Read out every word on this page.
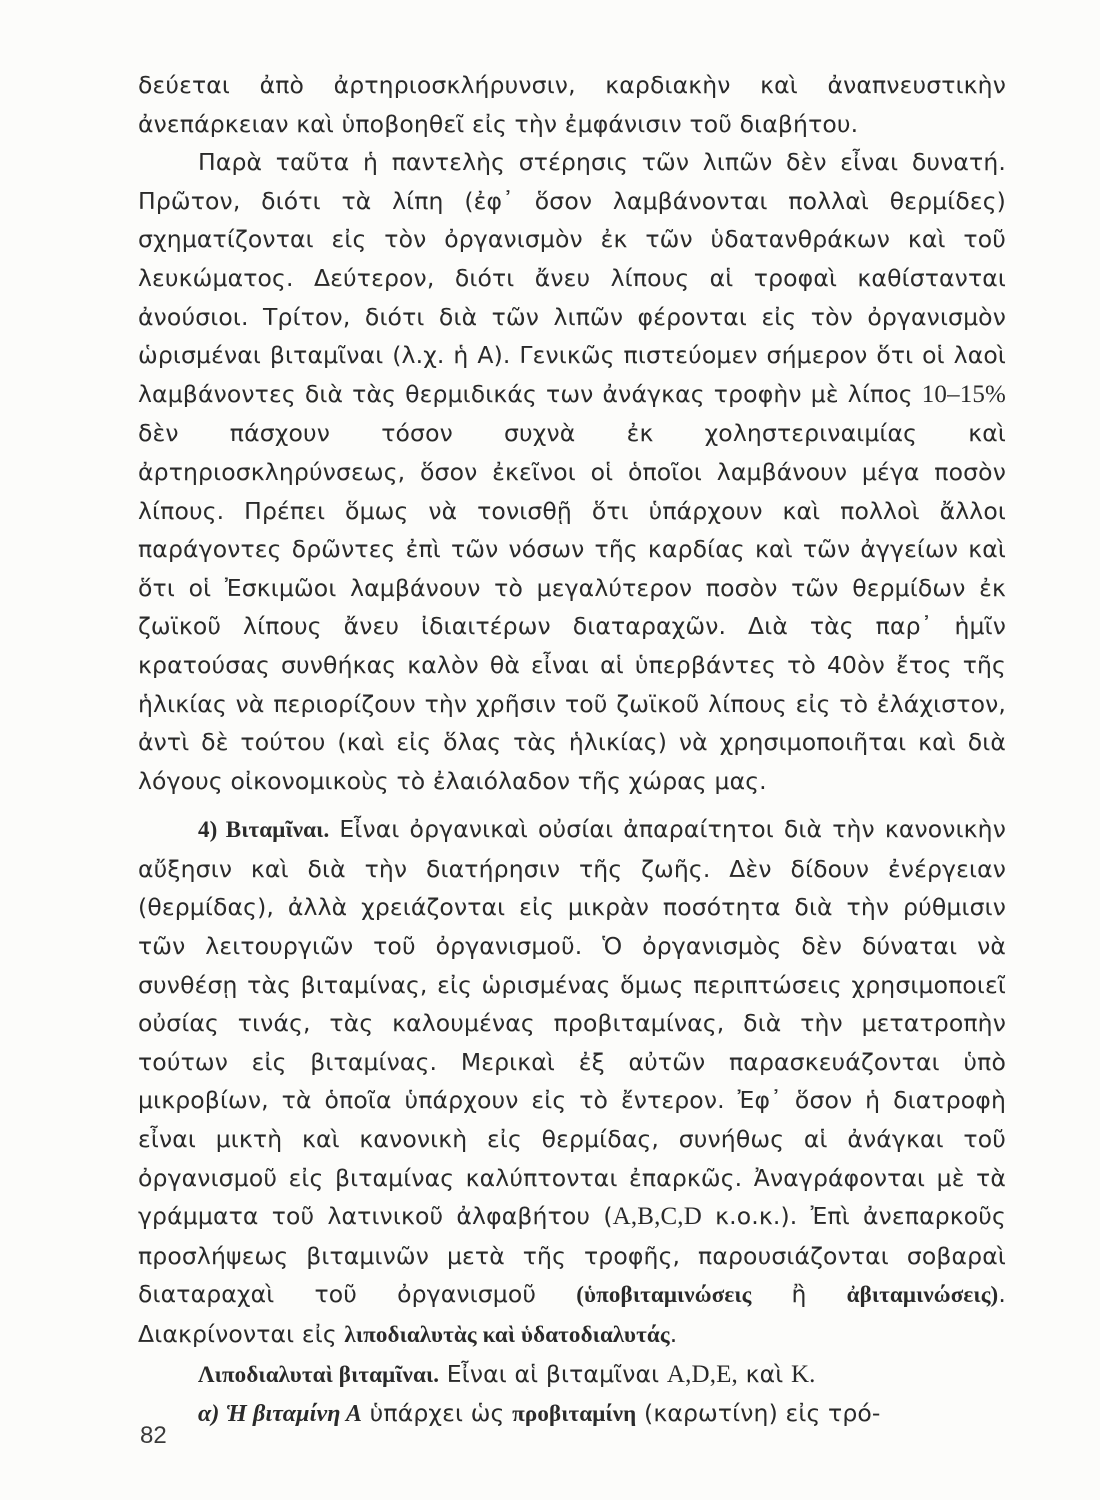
δεύεται ἀπὸ ἀρτηριοσκλήρυνσιν, καρδιακὴν καὶ ἀναπνευστικὴν ἀνεπάρκειαν καὶ ὑποβοηθεῖ εἰς τὴν ἐμφάνισιν τοῦ διαβήτου.

Παρὰ ταῦτα ἡ παντελὴς στέρησις τῶν λιπῶν δὲν εἶναι δυνατή. Πρῶτον, διότι τὰ λίπη (ἐφ᾽ ὅσον λαμβάνονται πολλαὶ θερμίδες) σχηματίζονται εἰς τὸν ὀργανισμὸν ἐκ τῶν ὑδατανθράκων καὶ τοῦ λευκώματος. Δεύτερον, διότι ἄνευ λίπους αἱ τροφαὶ καθίστανται ἀνούσιοι. Τρίτον, διότι διὰ τῶν λιπῶν φέρονται εἰς τὸν ὀργανισμὸν ὡρισμέναι βιταμῖναι (λ.χ. ἡ Α). Γενικῶς πιστεύομεν σήμερον ὅτι οἱ λαοὶ λαμβάνοντες διὰ τὰς θερμιδικάς των ἀνάγκας τροφὴν μὲ λίπος 10–15% δὲν πάσχουν τόσον συχνὰ ἐκ χοληστεριναιμίας καὶ ἀρτηριοσκληρύνσεως, ὅσον ἐκεῖνοι οἱ ὁποῖοι λαμβάνουν μέγα ποσὸν λίπους. Πρέπει ὅμως νὰ τονισθῇ ὅτι ὑπάρχουν καὶ πολλοὶ ἄλλοι παράγοντες δρῶντες ἐπὶ τῶν νόσων τῆς καρδίας καὶ τῶν ἀγγείων καὶ ὅτι οἱ Ἐσκιμῶοι λαμβάνουν τὸ μεγαλύτερον ποσὸν τῶν θερμίδων ἐκ ζωϊκοῦ λίπους ἄνευ ἰδιαιτέρων διαταραχῶν. Διὰ τὰς παρ᾽ ἡμῖν κρατούσας συνθήκας καλὸν θὰ εἶναι αἱ ὑπερβάντες τὸ 40ὸν ἔτος τῆς ἡλικίας νὰ περιορίζουν τὴν χρῆσιν τοῦ ζωϊκοῦ λίπους εἰς τὸ ἐλάχιστον, ἀντὶ δὲ τούτου (καὶ εἰς ὅλας τὰς ἡλικίας) νὰ χρησιμοποιῆται καὶ διὰ λόγους οἰκονομικοὺς τὸ ἐλαιόλαδον τῆς χώρας μας.

4) Βιταμῖναι. Εἶναι ὀργανικαὶ οὐσίαι ἀπαραίτητοι διὰ τὴν κανονικὴν αὔξησιν καὶ διὰ τὴν διατήρησιν τῆς ζωῆς. Δὲν δίδουν ἐνέργειαν (θερμίδας), ἀλλὰ χρειάζονται εἰς μικρὰν ποσότητα διὰ τὴν ρύθμισιν τῶν λειτουργιῶν τοῦ ὀργανισμοῦ. Ὁ ὀργανισμὸς δὲν δύναται νὰ συνθέσῃ τὰς βιταμίνας, εἰς ὡρισμένας ὅμως περιπτώσεις χρησιμοποιεῖ οὐσίας τινάς, τὰς καλουμένας προβιταμίνας, διὰ τὴν μετατροπὴν τούτων εἰς βιταμίνας. Μερικαὶ ἐξ αὐτῶν παρασκευάζονται ὑπὸ μικροβίων, τὰ ὁποῖα ὑπάρχουν εἰς τὸ ἔντερον. Ἐφ᾽ ὅσον ἡ διατροφὴ εἶναι μικτὴ καὶ κανονικὴ εἰς θερμίδας, συνήθως αἱ ἀνάγκαι τοῦ ὀργανισμοῦ εἰς βιταμίνας καλύπτονται ἐπαρκῶς. Ἀναγράφονται μὲ τὰ γράμματα τοῦ λατινικοῦ ἀλφαβήτου (A,B,C,D κ.ο.κ.). Ἐπὶ ἀνεπαρκοῦς προσλήψεως βιταμινῶν μετὰ τῆς τροφῆς, παρουσιάζονται σοβαραὶ διαταραχαὶ τοῦ ὀργανισμοῦ (ὑποβιταμινώσεις ἢ ἀβιταμινώσεις). Διακρίνονται εἰς λιποδιαλυτὰς καὶ ὑδατοδιαλυτάς.

Λιποδιαλυταὶ βιταμῖναι. Εἶναι αἱ βιταμῖναι A,D,E, καὶ K.

α) Ἡ βιταμίνη Α ὑπάρχει ὡς προβιταμίνη (καρωτίνη) εἰς τρό-

82
